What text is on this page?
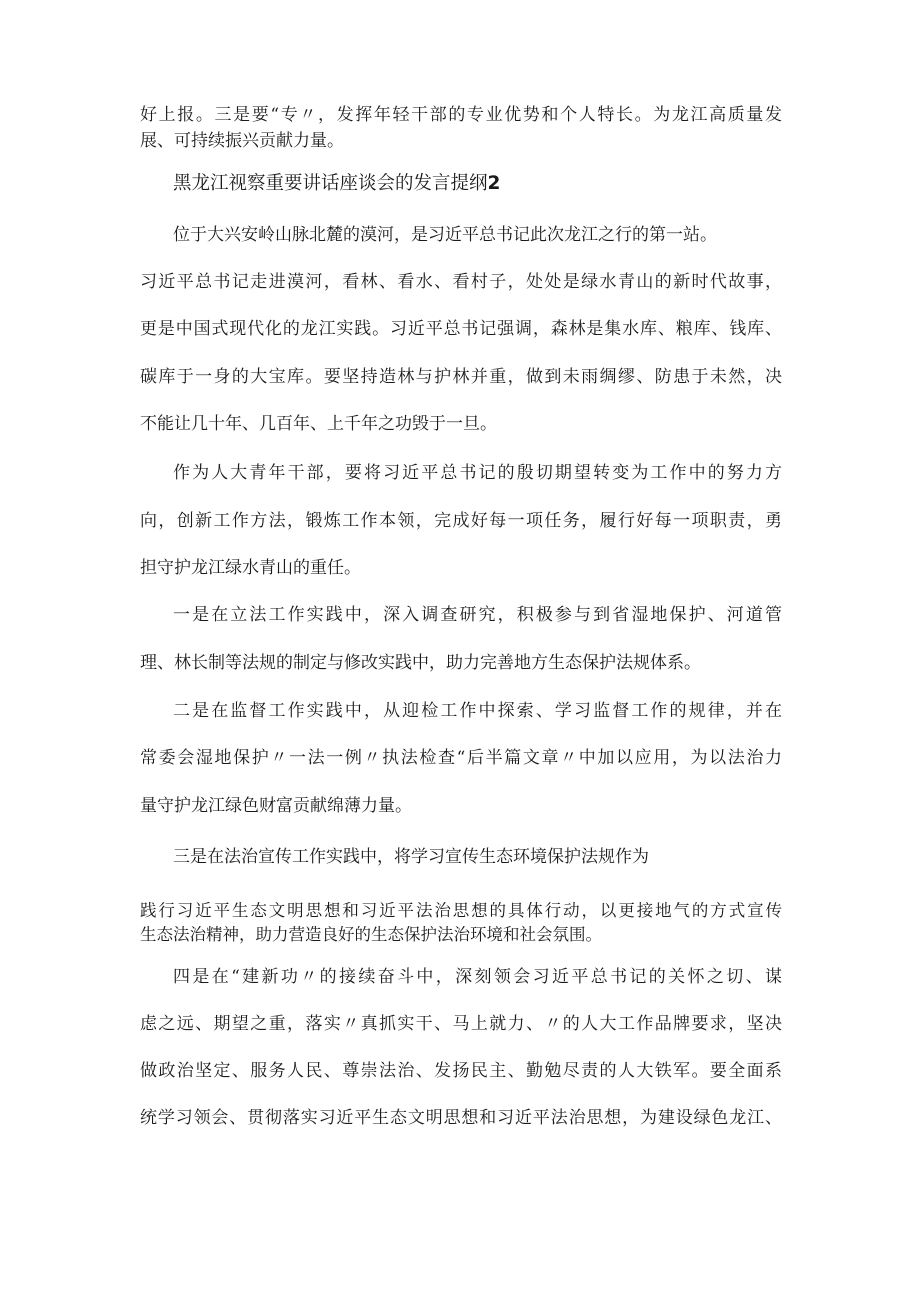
好上报。三是要“专〃，发挥年轻干部的专业优势和个人特长。为龙江高质量发
展、可持续振兴贡献力量。
黑龙江视察重要讲话座谈会的发言提纲2
位于大兴安岭山脉北麓的漠河，是习近平总书记此次龙江之行的第一站。
习近平总书记走进漠河，看林、看水、看村子，处处是绿水青山的新时代故事，
更是中国式现代化的龙江实践。习近平总书记强调，森林是集水库、粮库、钱库、
碳库于一身的大宝库。要坚持造林与护林并重，做到未雨绸缪、防患于未然，决
不能让几十年、几百年、上千年之功毁于一旦。
作为人大青年干部，要将习近平总书记的殷切期望转变为工作中的努力方
向，创新工作方法，锻炼工作本领，完成好每一项任务，履行好每一项职责，勇
担守护龙江绿水青山的重任。
一是在立法工作实践中，深入调查研究，积极参与到省湿地保护、河道管
理、林长制等法规的制定与修改实践中，助力完善地方生态保护法规体系。
二是在监督工作实践中，从迎检工作中探索、学习监督工作的规律，并在
常委会湿地保护〃一法一例〃执法检查“后半篇文章〃中加以应用，为以法治力
量守护龙江绿色财富贡献绵薄力量。
三是在法治宣传工作实践中，将学习宣传生态环境保护法规作为
践行习近平生态文明思想和习近平法治思想的具体行动，以更接地气的方式宣传
生态法治精神，助力营造良好的生态保护法治环境和社会氛围。
四是在“建新功〃的接续奋斗中，深刻领会习近平总书记的关怀之切、谋
虑之远、期望之重，落实〃真抓实干、马上就力、〃的人大工作品牌要求，坚决
做政治坚定、服务人民、尊崇法治、发扬民主、勤勉尽责的人大铁军。要全面系
统学习领会、贯彻落实习近平生态文明思想和习近平法治思想，为建设绿色龙江、
